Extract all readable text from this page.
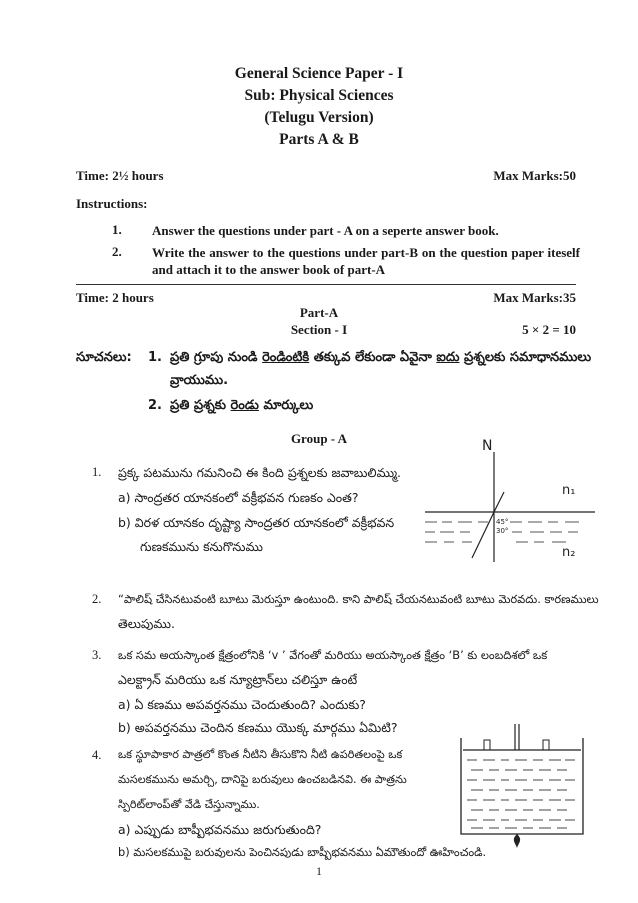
General Science Paper - I
Sub: Physical Sciences
(Telugu Version)
Parts A & B
Time: 2½ hours	Max Marks:50
Instructions:
1. Answer the questions under part - A on a seperte answer book.
2. Write the answer to the questions under part-B on the question paper iteself and attach it to the answer book of part-A
Time: 2 hours	Max Marks:35
Part-A
Section - I	5 × 2 = 10
సూచనలు: 1. ప్రతి గ్రూపు నుండి రెండింటికి తక్కువ లేకుండా ఏవైనా ఐదు ప్రశ్నలకు సమాధానములు
వ్రాయుము.
2. ప్రతి ప్రశ్నకు రెండు మార్కులు
Group - A
1. ప్రక్క పటమును గమనించి ఈ కింది ప్రశ్నలకు జవాబులిమ్ము.
a) సాంద్రతర యానకంలో వక్రీభవన గుణకం ఎంత?
b) విరళ యానకం దృష్ట్యా సాంద్రతర యానకంలో వక్రీభవన
గుణకమును కనుగొనుము
N
45°
30°
n₁
n₂
2. “పాలిష్ చేసినటువంటి బూటు మెరుస్తూ ఉంటుంది. కాని పాలిష్ చేయనటువంటి బూటు మెరవదు. కారణములు
తెలుపుము.
3. ఒక సమ అయస్కాంత క్షేత్రంలోనికి ‘v ’ వేగంతో మరియు అయస్కాంత క్షేత్రం ‘B’ కు లంబదిశలో ఒక
ఎలక్ట్రాన్ మరియు ఒక న్యూట్రాన్‌లు చలిస్తూ ఉంటే
a) ఏ కణము అపవర్తనము చెందుతుంది? ఎందుకు?
b) అపవర్తనము చెందిన కణము యొక్క మార్గము ఏమిటి?
4. ఒక స్థూపాకార పాత్రలో కొంత నీటిని తీసుకొని నీటి ఉపరితలంపై ఒక
మసలకమును అమర్చి, దానిపై బరువులు ఉంచబడినవి. ఈ పాత్రను
స్పిరిట్‌లాంప్‌తో వేడి చేస్తున్నాము.
a) ఎప్పుడు బాష్పీభవనము జరుగుతుంది?
b) మసలకముపై బరువులను పెంచినపుడు బాష్పీభవనము ఏమౌతుందో ఊహించండి.
1
